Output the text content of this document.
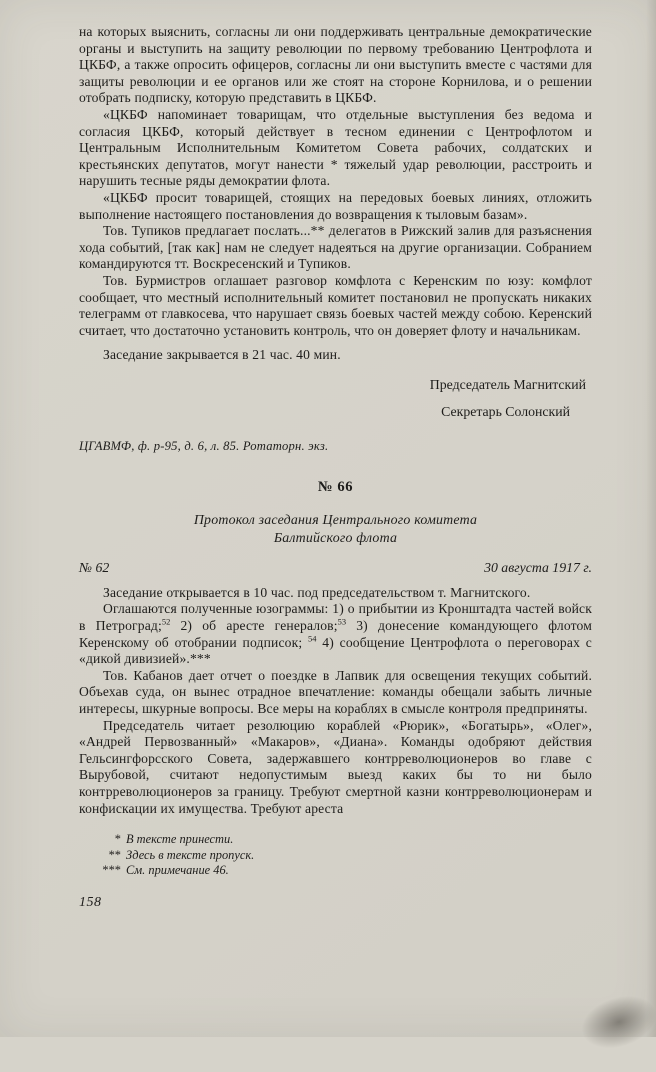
на которых выяснить, согласны ли они поддерживать центральные демократические органы и выступить на защиту революции по первому требованию Центрофлота и ЦКБФ, а также опросить офицеров, согласны ли они выступить вместе с частями для защиты революции и ее органов или же стоят на стороне Корнилова, и о решении отобрать подписку, которую представить в ЦКБФ.

«ЦКБФ напоминает товарищам, что отдельные выступления без ведома и согласия ЦКБФ, который действует в тесном единении с Центрофлотом и Центральным Исполнительным Комитетом Совета рабочих, солдатских и крестьянских депутатов, могут нанести * тяжелый удар революции, расстроить и нарушить тесные ряды демократии флота.

«ЦКБФ просит товарищей, стоящих на передовых боевых линиях, отложить выполнение настоящего постановления до возвращения к тыловым базам».

Тов. Тупиков предлагает послать...** делегатов в Рижский залив для разъяснения хода событий, [так как] нам не следует надеяться на другие организации. Собранием командируются тт. Воскресенский и Тупиков.

Тов. Бурмистров оглашает разговор комфлота с Керенским по юзу: комфлот сообщает, что местный исполнительный комитет постановил не пропускать никаких телеграмм от главкосева, что нарушает связь боевых частей между собою. Керенский считает, что достаточно установить контроль, что он доверяет флоту и начальникам.

Заседание закрывается в 21 час. 40 мин.

Председатель Магнитский
Секретарь Солонский
ЦГАВМФ, ф. р-95, д. 6, л. 85. Ротаторн. экз.
№ 66
Протокол заседания Центрального комитета
Балтийского флота
№ 62	30 августа 1917 г.

Заседание открывается в 10 час. под председательством т. Магнитского.

Оглашаются полученные юзограммы: 1) о прибытии из Кронштадта частей войск в Петроград;$^{52}$ 2) об аресте генералов;$^{53}$ 3) донесение командующего флотом Керенскому об отобрании подписок; $^{54}$ 4) сообщение Центрофлота о переговорах с «дикой дивизией».***

Тов. Кабанов дает отчет о поездке в Лапвик для освещения текущих событий. Объехав суда, он вынес отрадное впечатление: команды обещали забыть личные интересы, шкурные вопросы. Все меры на кораблях в смысле контроля предприняты.

Председатель читает резолюцию кораблей «Рюрик», «Богатырь», «Олег», «Андрей Первозванный» «Макаров», «Диана». Команды одобряют действия Гельсингфорсского Совета, задержавшего контрреволюционеров во главе с Вырубовой, считают недопустимым выезд каких бы то ни было контрреволюционеров за границу. Требуют смертной казни контрреволюционерам и конфискации их имущества. Требуют ареста

* В тексте принести.
** Здесь в тексте пропуск.
*** См. примечание 46.
158
